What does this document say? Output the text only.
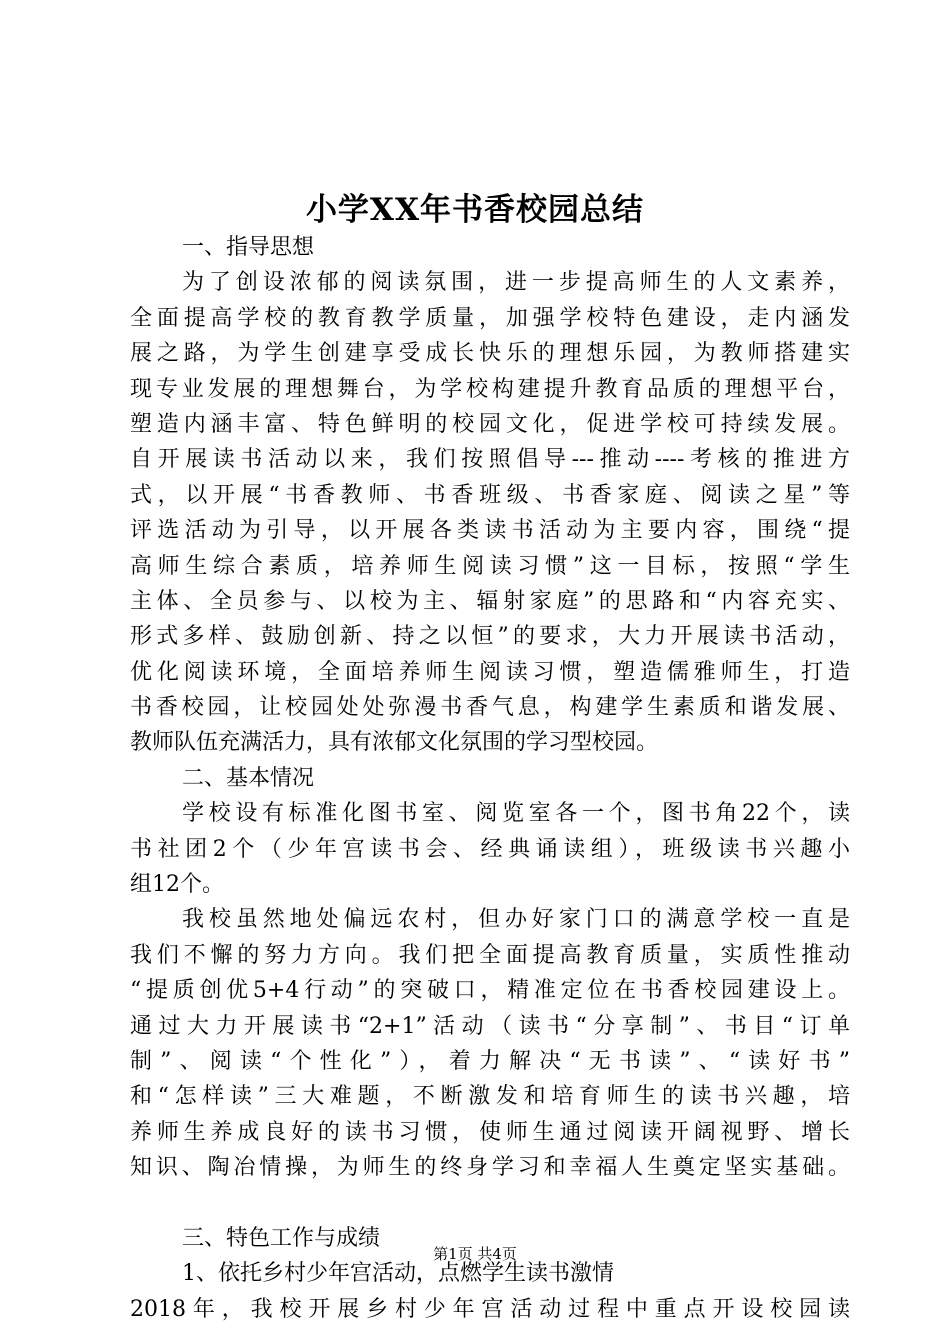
小学XX年书香校园总结
一、指导思想
为了创设浓郁的阅读氛围，进一步提高师生的人文素养，
全面提高学校的教育教学质量，加强学校特色建设，走内涵发
展之路，为学生创建享受成长快乐的理想乐园，为教师搭建实
现专业发展的理想舞台，为学校构建提升教育品质的理想平台，
塑造内涵丰富、特色鲜明的校园文化，促进学校可持续发展。
自开展读书活动以来，我们按照倡导---推动----考核的推进方
式，以开展“书香教师、书香班级、书香家庭、阅读之星”等
评选活动为引导，以开展各类读书活动为主要内容，围绕“提
高师生综合素质，培养师生阅读习惯”这一目标，按照“学生
主体、全员参与、以校为主、辐射家庭”的思路和“内容充实、
形式多样、鼓励创新、持之以恒”的要求，大力开展读书活动，
优化阅读环境，全面培养师生阅读习惯，塑造儒雅师生，打造
书香校园，让校园处处弥漫书香气息，构建学生素质和谐发展、
教师队伍充满活力，具有浓郁文化氛围的学习型校园。
二、基本情况
学校设有标准化图书室、阅览室各一个，图书角22个，读
书社团2个（少年宫读书会、经典诵读组），班级读书兴趣小
组12个。
我校虽然地处偏远农村，但办好家门口的满意学校一直是
我们不懈的努力方向。我们把全面提高教育质量，实质性推动
“提质创优5+4行动”的突破口，精准定位在书香校园建设上。
通过大力开展读书“2+1”活动（读书“分享制”、书目“订单
制”、阅读“个性化”），着力解决“无书读”、“读好书”
和“怎样读”三大难题，不断激发和培育师生的读书兴趣，培
养师生养成良好的读书习惯，使师生通过阅读开阔视野、增长
知识、陶冶情操，为师生的终身学习和幸福人生奠定坚实基础。
三、特色工作与成绩
1、依托乡村少年宫活动，点燃学生读书激情
2018年，我校开展乡村少年宫活动过程中重点开设校园读
第1页 共4页
